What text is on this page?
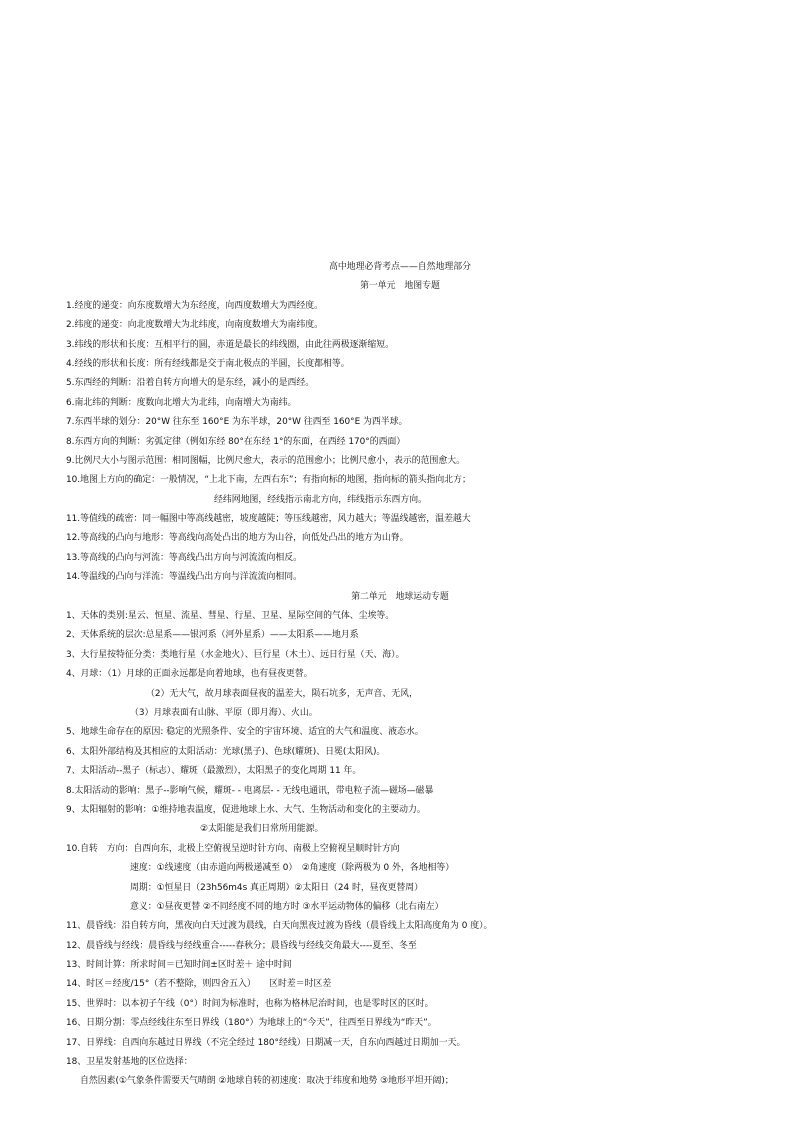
高中地理必背考点——自然地理部分
第一单元　地图专题
1.经度的递变：向东度数增大为东经度，向西度数增大为西经度。
2.纬度的递变：向北度数增大为北纬度，向南度数增大为南纬度。
3.纬线的形状和长度：互相平行的圆，赤道是最长的纬线圈，由此往两极逐渐缩短。
4.经线的形状和长度：所有经线都是交于南北极点的半圆，长度都相等。
5.东西经的判断：沿着自转方向增大的是东经，减小的是西经。
6.南北纬的判断：度数向北增大为北纬，向南增大为南纬。
7.东西半球的划分：20°W 往东至 160°E 为东半球，20°W 往西至 160°E 为西半球。
8.东西方向的判断：劣弧定律（例如东经 80°在东经 1°的东面，在西经 170°的西面）
9.比例尺大小与图示范围：相同图幅，比例尺愈大，表示的范围愈小；比例尺愈小，表示的范围愈大。
10.地图上方向的确定：一般情况，“上北下南，左西右东”；有指向标的地图，指向标的箭头指向北方；
经纬网地图，经线指示南北方向，纬线指示东西方向。
11.等值线的疏密：同一幅图中等高线越密，坡度越陡；等压线越密，风力越大；等温线越密，温差越大
12.等高线的凸向与地形：等高线向高处凸出的地方为山谷，向低处凸出的地方为山脊。
13.等高线的凸向与河流：等高线凸出方向与河流流向相反。
14.等温线的凸向与洋流：等温线凸出方向与洋流流向相同。
第二单元　地球运动专题
1、天体的类别:星云、恒星、流星、彗星、行星、卫星、星际空间的气体、尘埃等。
2、天体系统的层次:总星系——银河系（河外星系）——太阳系——地月系
3、大行星按特征分类：类地行星（水金地火）、巨行星（木土）、远日行星（天、海）。
4、月球：（1）月球的正面永远都是向着地球，也有昼夜更替。
（2）无大气，故月球表面昼夜的温差大，陨石坑多，无声音、无风，
（3）月球表面有山脉、平原（即月海）、火山。
5、地球生命存在的原因: 稳定的光照条件、安全的宇宙环境、适宜的大气和温度、液态水。
6、太阳外部结构及其相应的太阳活动：光球(黑子)、色球(耀斑)、日冕(太阳风)。
7、太阳活动--黑子（标志）、耀斑（最激烈），太阳黑子的变化周期 11 年。
8.太阳活动的影响：黑子--影响气候，耀斑- - 电离层- - 无线电通讯，带电粒子流—磁场—磁暴
9、太阳辐射的影响：①维持地表温度，促进地球上水、大气、生物活动和变化的主要动力。
②太阳能是我们日常所用能源。
10.自转　方向：自西向东，北极上空俯视呈逆时针方向、南极上空俯视呈顺时针方向
速度：①线速度（由赤道向两极递减至 0）　②角速度（除两极为 0 外，各地相等）
周期：①恒星日（23h56m4s 真正周期）②太阳日（24 时，昼夜更替周）
意义：①昼夜更替 ②不同经度不同的地方时 ③水平运动物体的偏移（北右南左）
11、晨昏线：沿自转方向，黑夜向白天过渡为晨线，白天向黑夜过渡为昏线（晨昏线上太阳高度角为 0 度）。
12、晨昏线与经线：晨昏线与经线重合-----春秋分；晨昏线与经线交角最大----夏至、冬至
13、时间计算：所求时间＝已知时间±区时差＋ 途中时间
14、时区＝经度/15°（若不整除，则四舍五入）　　区时差＝时区差
15、世界时：以本初子午线（0°）时间为标准时，也称为格林尼治时间，也是零时区的区时。
16、日期分割：零点经线往东至日界线（180°）为地球上的“今天”，往西至日界线为“昨天”。
17、日界线：自西向东越过日界线（不完全经过 180°经线）日期减一天，自东向西越过日期加一天。
18、卫星发射基地的区位选择：
自然因素(①气象条件需要天气晴朗 ②地球自转的初速度：取决于纬度和地势 ③地形平坦开阔)；
